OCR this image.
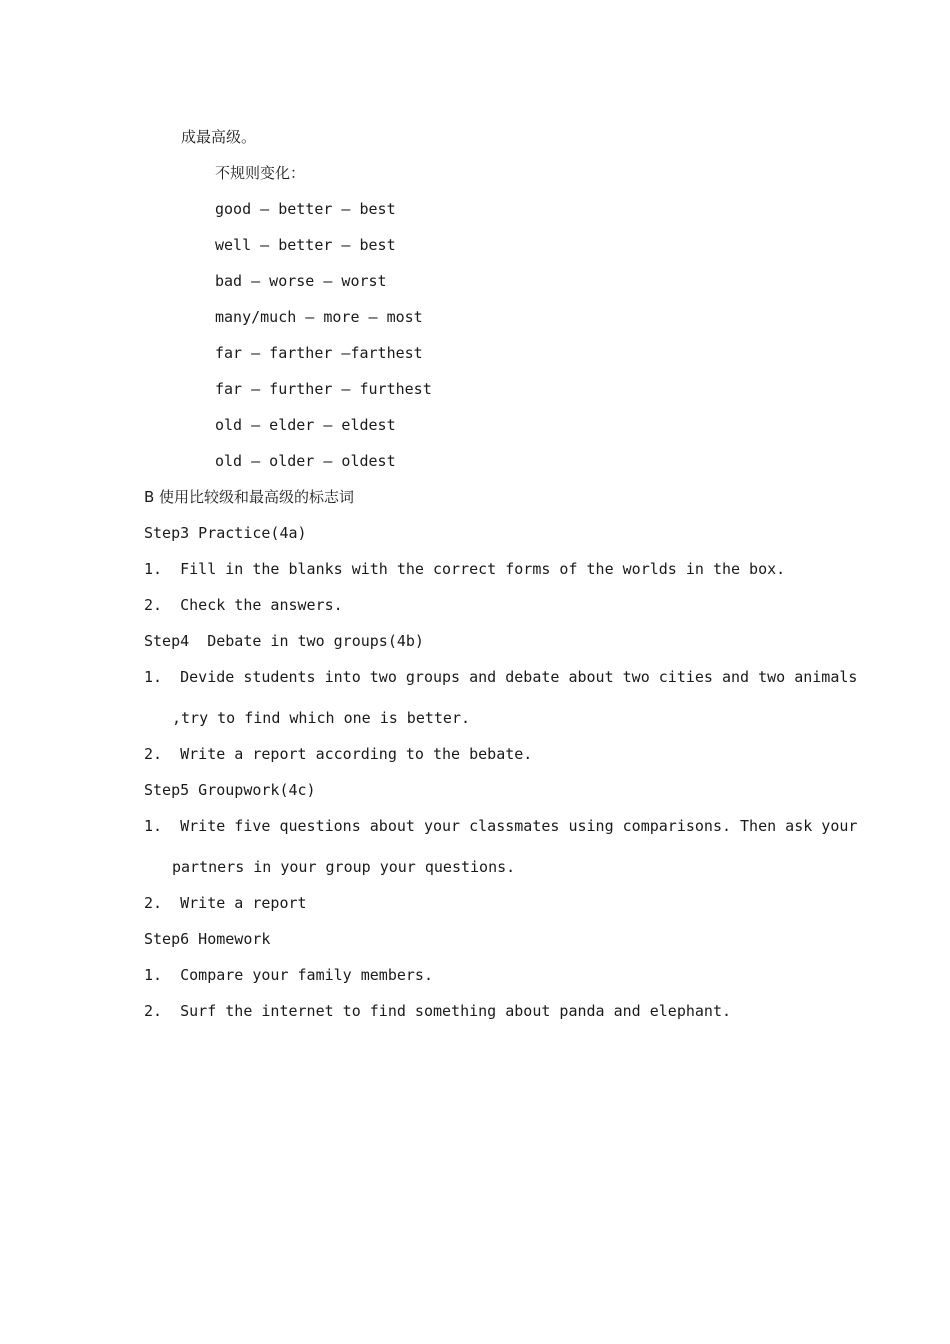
成最高级。
不规则变化：
good — better — best
well — better — best
bad — worse — worst
many/much — more — most
far — farther —farthest
far — further — furthest
old — elder — eldest
old — older — oldest
B 使用比较级和最高级的标志词
Step3 Practice(4a)
1.  Fill in the blanks with the correct forms of the worlds in the box.
2.  Check the answers.
Step4  Debate in two groups(4b)
1.  Devide students into two groups and debate about two cities and two animals
,try to find which one is better.
2.  Write a report according to the bebate.
Step5 Groupwork(4c)
1.  Write five questions about your classmates using comparisons. Then ask your
partners in your group your questions.
2.  Write a report
Step6 Homework
1.  Compare your family members.
2.  Surf the internet to find something about panda and elephant.
